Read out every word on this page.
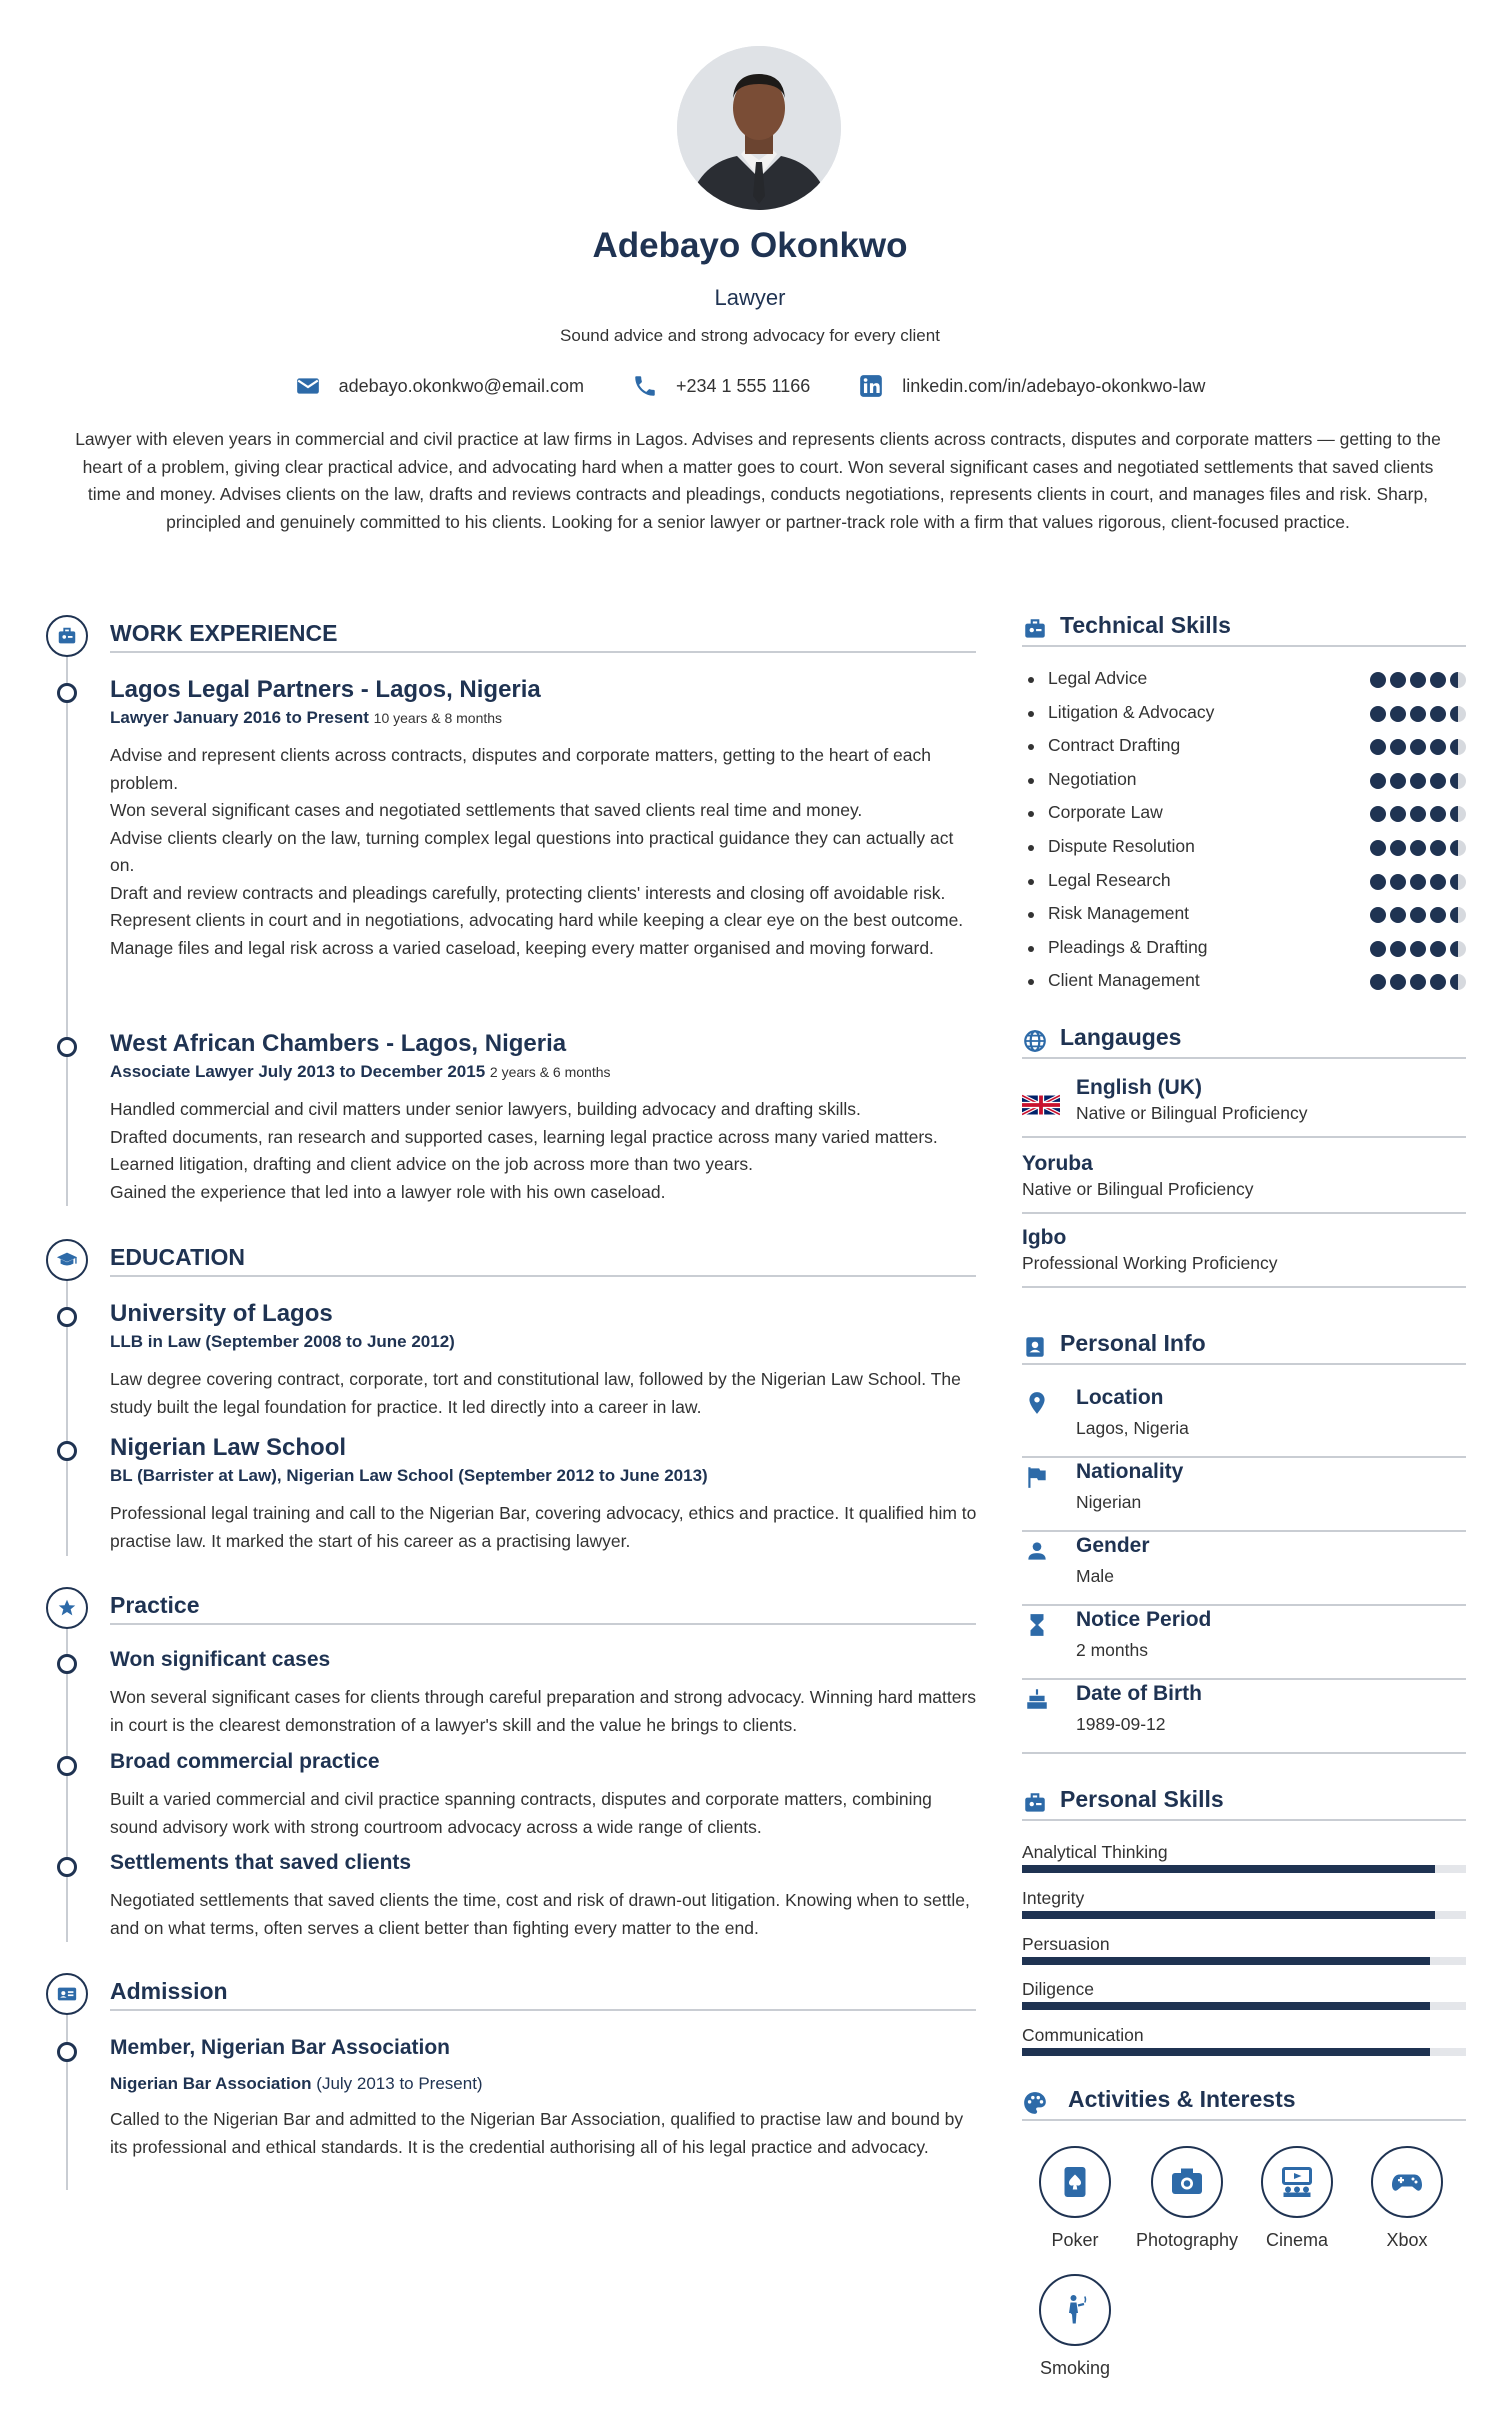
Adebayo Okonkwo
Lawyer
Sound advice and strong advocacy for every client
adebayo.okonkwo@email.com	+234 1 555 1166	linkedin.com/in/adebayo-okonkwo-law
Lawyer with eleven years in commercial and civil practice at law firms in Lagos. Advises and represents clients across contracts, disputes and corporate matters — getting to the heart of a problem, giving clear practical advice, and advocating hard when a matter goes to court. Won several significant cases and negotiated settlements that saved clients time and money. Advises clients on the law, drafts and reviews contracts and pleadings, conducts negotiations, represents clients in court, and manages files and risk. Sharp, principled and genuinely committed to his clients. Looking for a senior lawyer or partner-track role with a firm that values rigorous, client-focused practice.
WORK EXPERIENCE
Lagos Legal Partners - Lagos, Nigeria
Lawyer January 2016 to Present 10 years & 8 months
Advise and represent clients across contracts, disputes and corporate matters, getting to the heart of each problem.
Won several significant cases and negotiated settlements that saved clients real time and money.
Advise clients clearly on the law, turning complex legal questions into practical guidance they can actually act on.
Draft and review contracts and pleadings carefully, protecting clients' interests and closing off avoidable risk.
Represent clients in court and in negotiations, advocating hard while keeping a clear eye on the best outcome.
Manage files and legal risk across a varied caseload, keeping every matter organised and moving forward.
West African Chambers - Lagos, Nigeria
Associate Lawyer July 2013 to December 2015 2 years & 6 months
Handled commercial and civil matters under senior lawyers, building advocacy and drafting skills.
Drafted documents, ran research and supported cases, learning legal practice across many varied matters.
Learned litigation, drafting and client advice on the job across more than two years.
Gained the experience that led into a lawyer role with his own caseload.
EDUCATION
University of Lagos
LLB in Law (September 2008 to June 2012)
Law degree covering contract, corporate, tort and constitutional law, followed by the Nigerian Law School. The study built the legal foundation for practice. It led directly into a career in law.
Nigerian Law School
BL (Barrister at Law), Nigerian Law School (September 2012 to June 2013)
Professional legal training and call to the Nigerian Bar, covering advocacy, ethics and practice. It qualified him to practise law. It marked the start of his career as a practising lawyer.
Practice
Won significant cases
Won several significant cases for clients through careful preparation and strong advocacy. Winning hard matters in court is the clearest demonstration of a lawyer's skill and the value he brings to clients.
Broad commercial practice
Built a varied commercial and civil practice spanning contracts, disputes and corporate matters, combining sound advisory work with strong courtroom advocacy across a wide range of clients.
Settlements that saved clients
Negotiated settlements that saved clients the time, cost and risk of drawn-out litigation. Knowing when to settle, and on what terms, often serves a client better than fighting every matter to the end.
Admission
Member, Nigerian Bar Association
Nigerian Bar Association (July 2013 to Present)
Called to the Nigerian Bar and admitted to the Nigerian Bar Association, qualified to practise law and bound by its professional and ethical standards. It is the credential authorising all of his legal practice and advocacy.
Technical Skills
Legal Advice
Litigation & Advocacy
Contract Drafting
Negotiation
Corporate Law
Dispute Resolution
Legal Research
Risk Management
Pleadings & Drafting
Client Management
Langauges
English (UK)
Native or Bilingual Proficiency
Yoruba
Native or Bilingual Proficiency
Igbo
Professional Working Proficiency
Personal Info
Location
Lagos, Nigeria
Nationality
Nigerian
Gender
Male
Notice Period
2 months
Date of Birth
1989-09-12
Personal Skills
Analytical Thinking
Integrity
Persuasion
Diligence
Communication
Activities & Interests
Poker	Photography	Cinema	Xbox
Smoking
